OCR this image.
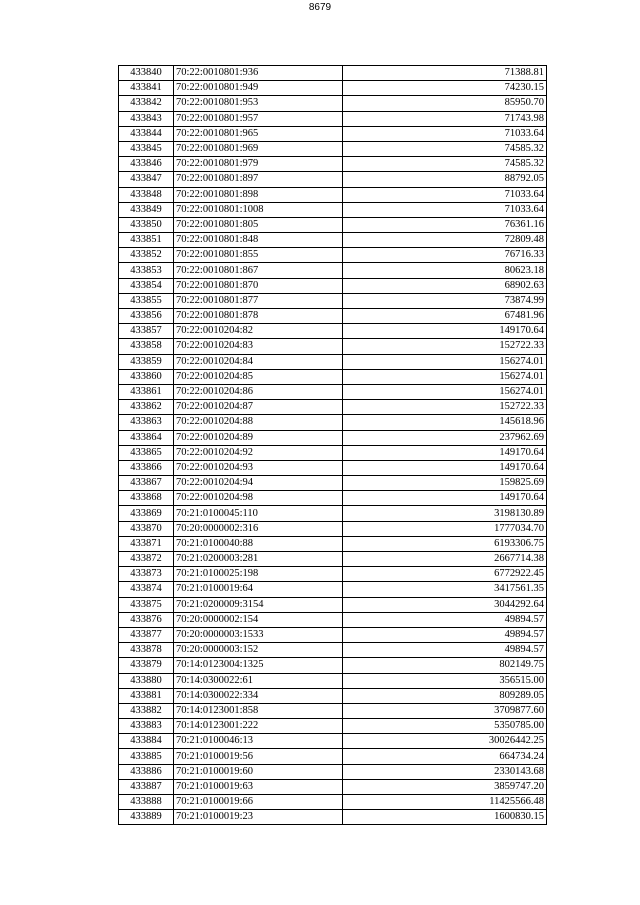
8679
433840	70:22:0010801:936	71388.81
433841	70:22:0010801:949	74230.15
433842	70:22:0010801:953	85950.70
433843	70:22:0010801:957	71743.98
433844	70:22:0010801:965	71033.64
433845	70:22:0010801:969	74585.32
433846	70:22:0010801:979	74585.32
433847	70:22:0010801:897	88792.05
433848	70:22:0010801:898	71033.64
433849	70:22:0010801:1008	71033.64
433850	70:22:0010801:805	76361.16
433851	70:22:0010801:848	72809.48
433852	70:22:0010801:855	76716.33
433853	70:22:0010801:867	80623.18
433854	70:22:0010801:870	68902.63
433855	70:22:0010801:877	73874.99
433856	70:22:0010801:878	67481.96
433857	70:22:0010204:82	149170.64
433858	70:22:0010204:83	152722.33
433859	70:22:0010204:84	156274.01
433860	70:22:0010204:85	156274.01
433861	70:22:0010204:86	156274.01
433862	70:22:0010204:87	152722.33
433863	70:22:0010204:88	145618.96
433864	70:22:0010204:89	237962.69
433865	70:22:0010204:92	149170.64
433866	70:22:0010204:93	149170.64
433867	70:22:0010204:94	159825.69
433868	70:22:0010204:98	149170.64
433869	70:21:0100045:110	3198130.89
433870	70:20:0000002:316	1777034.70
433871	70:21:0100040:88	6193306.75
433872	70:21:0200003:281	2667714.38
433873	70:21:0100025:198	6772922.45
433874	70:21:0100019:64	3417561.35
433875	70:21:0200009:3154	3044292.64
433876	70:20:0000002:154	49894.57
433877	70:20:0000003:1533	49894.57
433878	70:20:0000003:152	49894.57
433879	70:14:0123004:1325	802149.75
433880	70:14:0300022:61	356515.00
433881	70:14:0300022:334	809289.05
433882	70:14:0123001:858	3709877.60
433883	70:14:0123001:222	5350785.00
433884	70:21:0100046:13	30026442.25
433885	70:21:0100019:56	664734.24
433886	70:21:0100019:60	2330143.68
433887	70:21:0100019:63	3859747.20
433888	70:21:0100019:66	11425566.48
433889	70:21:0100019:23	1600830.15
